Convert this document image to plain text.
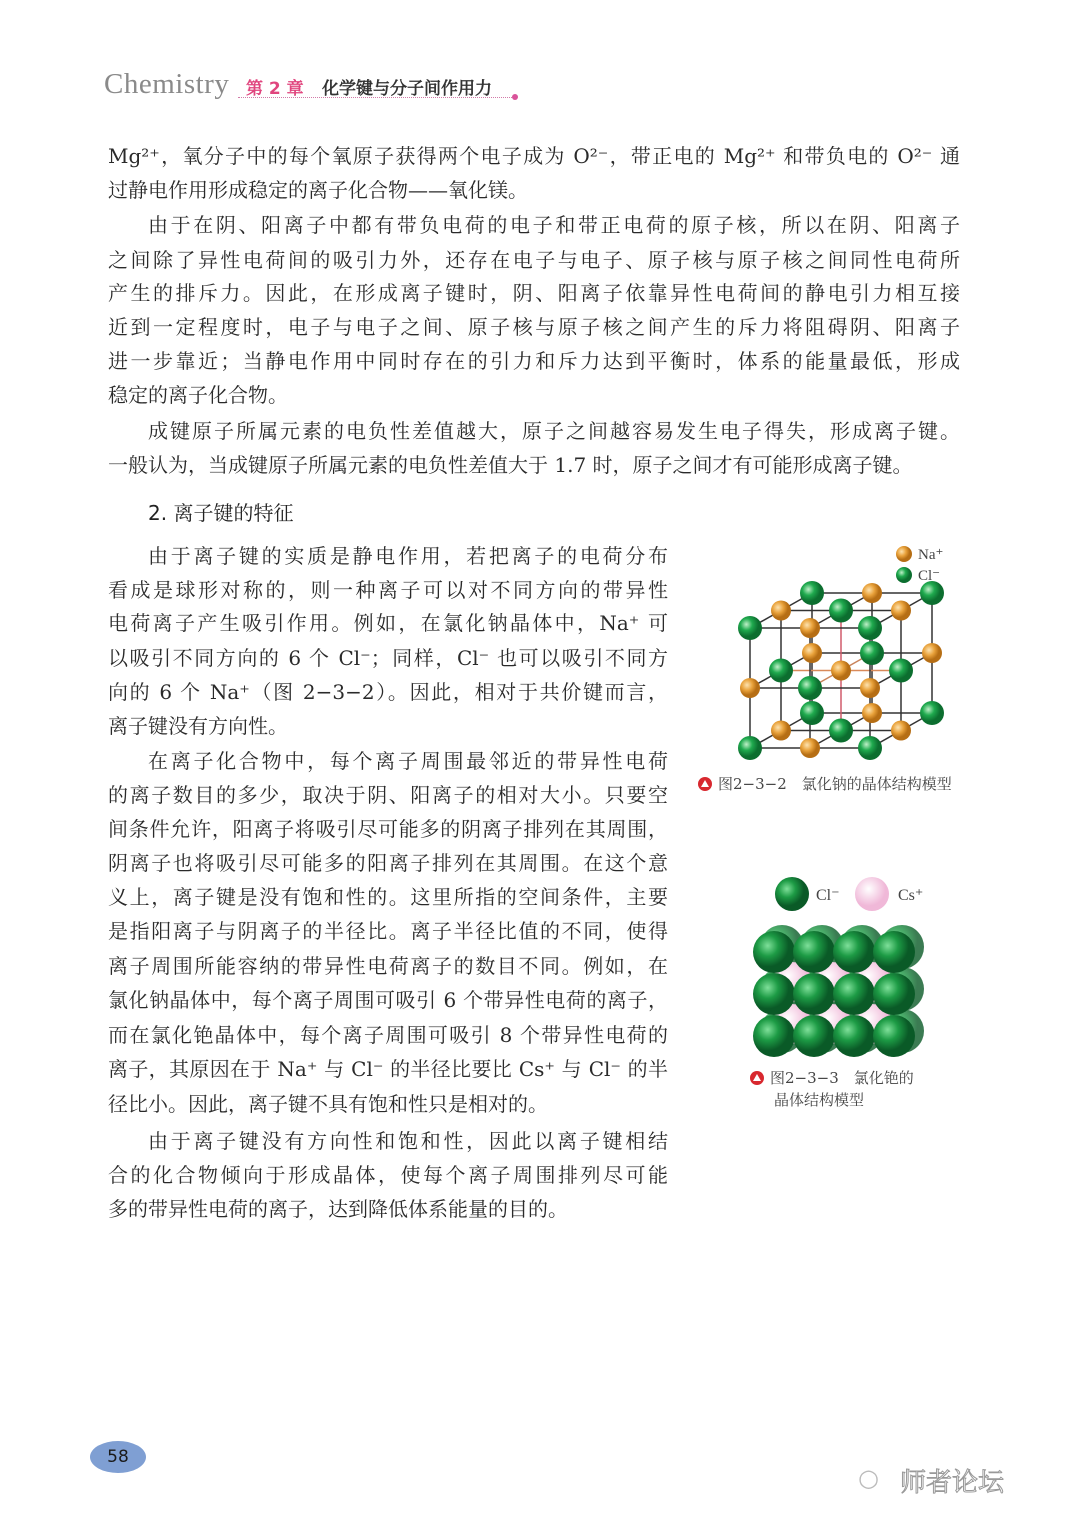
Chemistry 第 2 章 化学键与分子间作用力
Mg²⁺，氧分子中的每个氧原子获得两个电子成为 O²⁻，带正电的 Mg²⁺ 和带负电的 O²⁻ 通
过静电作用形成稳定的离子化合物——氧化镁。
由于在阴、阳离子中都有带负电荷的电子和带正电荷的原子核，所以在阴、阳离子
之间除了异性电荷间的吸引力外，还存在电子与电子、原子核与原子核之间同性电荷所
产生的排斥力。因此，在形成离子键时，阴、阳离子依靠异性电荷间的静电引力相互接
近到一定程度时，电子与电子之间、原子核与原子核之间产生的斥力将阻碍阴、阳离子
进一步靠近；当静电作用中同时存在的引力和斥力达到平衡时，体系的能量最低，形成
稳定的离子化合物。
成键原子所属元素的电负性差值越大，原子之间越容易发生电子得失，形成离子键。
一般认为，当成键原子所属元素的电负性差值大于 1.7 时，原子之间才有可能形成离子键。
2. 离子键的特征
由于离子键的实质是静电作用，若把离子的电荷分布
看成是球形对称的，则一种离子可以对不同方向的带异性
电荷离子产生吸引作用。例如，在氯化钠晶体中，Na⁺ 可
以吸引不同方向的 6 个 Cl⁻；同样，Cl⁻ 也可以吸引不同方
向的 6 个 Na⁺（图 2−3−2）。因此，相对于共价键而言，
离子键没有方向性。
在离子化合物中，每个离子周围最邻近的带异性电荷
的离子数目的多少，取决于阴、阳离子的相对大小。只要空
间条件允许，阳离子将吸引尽可能多的阴离子排列在其周围，
阴离子也将吸引尽可能多的阳离子排列在其周围。在这个意
义上，离子键是没有饱和性的。这里所指的空间条件，主要
是指阳离子与阴离子的半径比。离子半径比值的不同，使得
离子周围所能容纳的带异性电荷离子的数目不同。例如，在
氯化钠晶体中，每个离子周围可吸引 6 个带异性电荷的离子，
而在氯化铯晶体中，每个离子周围可吸引 8 个带异性电荷的
离子，其原因在于 Na⁺ 与 Cl⁻ 的半径比要比 Cs⁺ 与 Cl⁻ 的半
径比小。因此，离子键不具有饱和性只是相对的。
由于离子键没有方向性和饱和性，因此以离子键相结
合的化合物倾向于形成晶体，使每个离子周围排列尽可能
多的带异性电荷的离子，达到降低体系能量的目的。
Na⁺
Cl⁻
图2−3−2　氯化钠的晶体结构模型
Cl⁻	Cs⁺
图2−3−3　氯化铯的
晶体结构模型
58
○ 师者论坛
